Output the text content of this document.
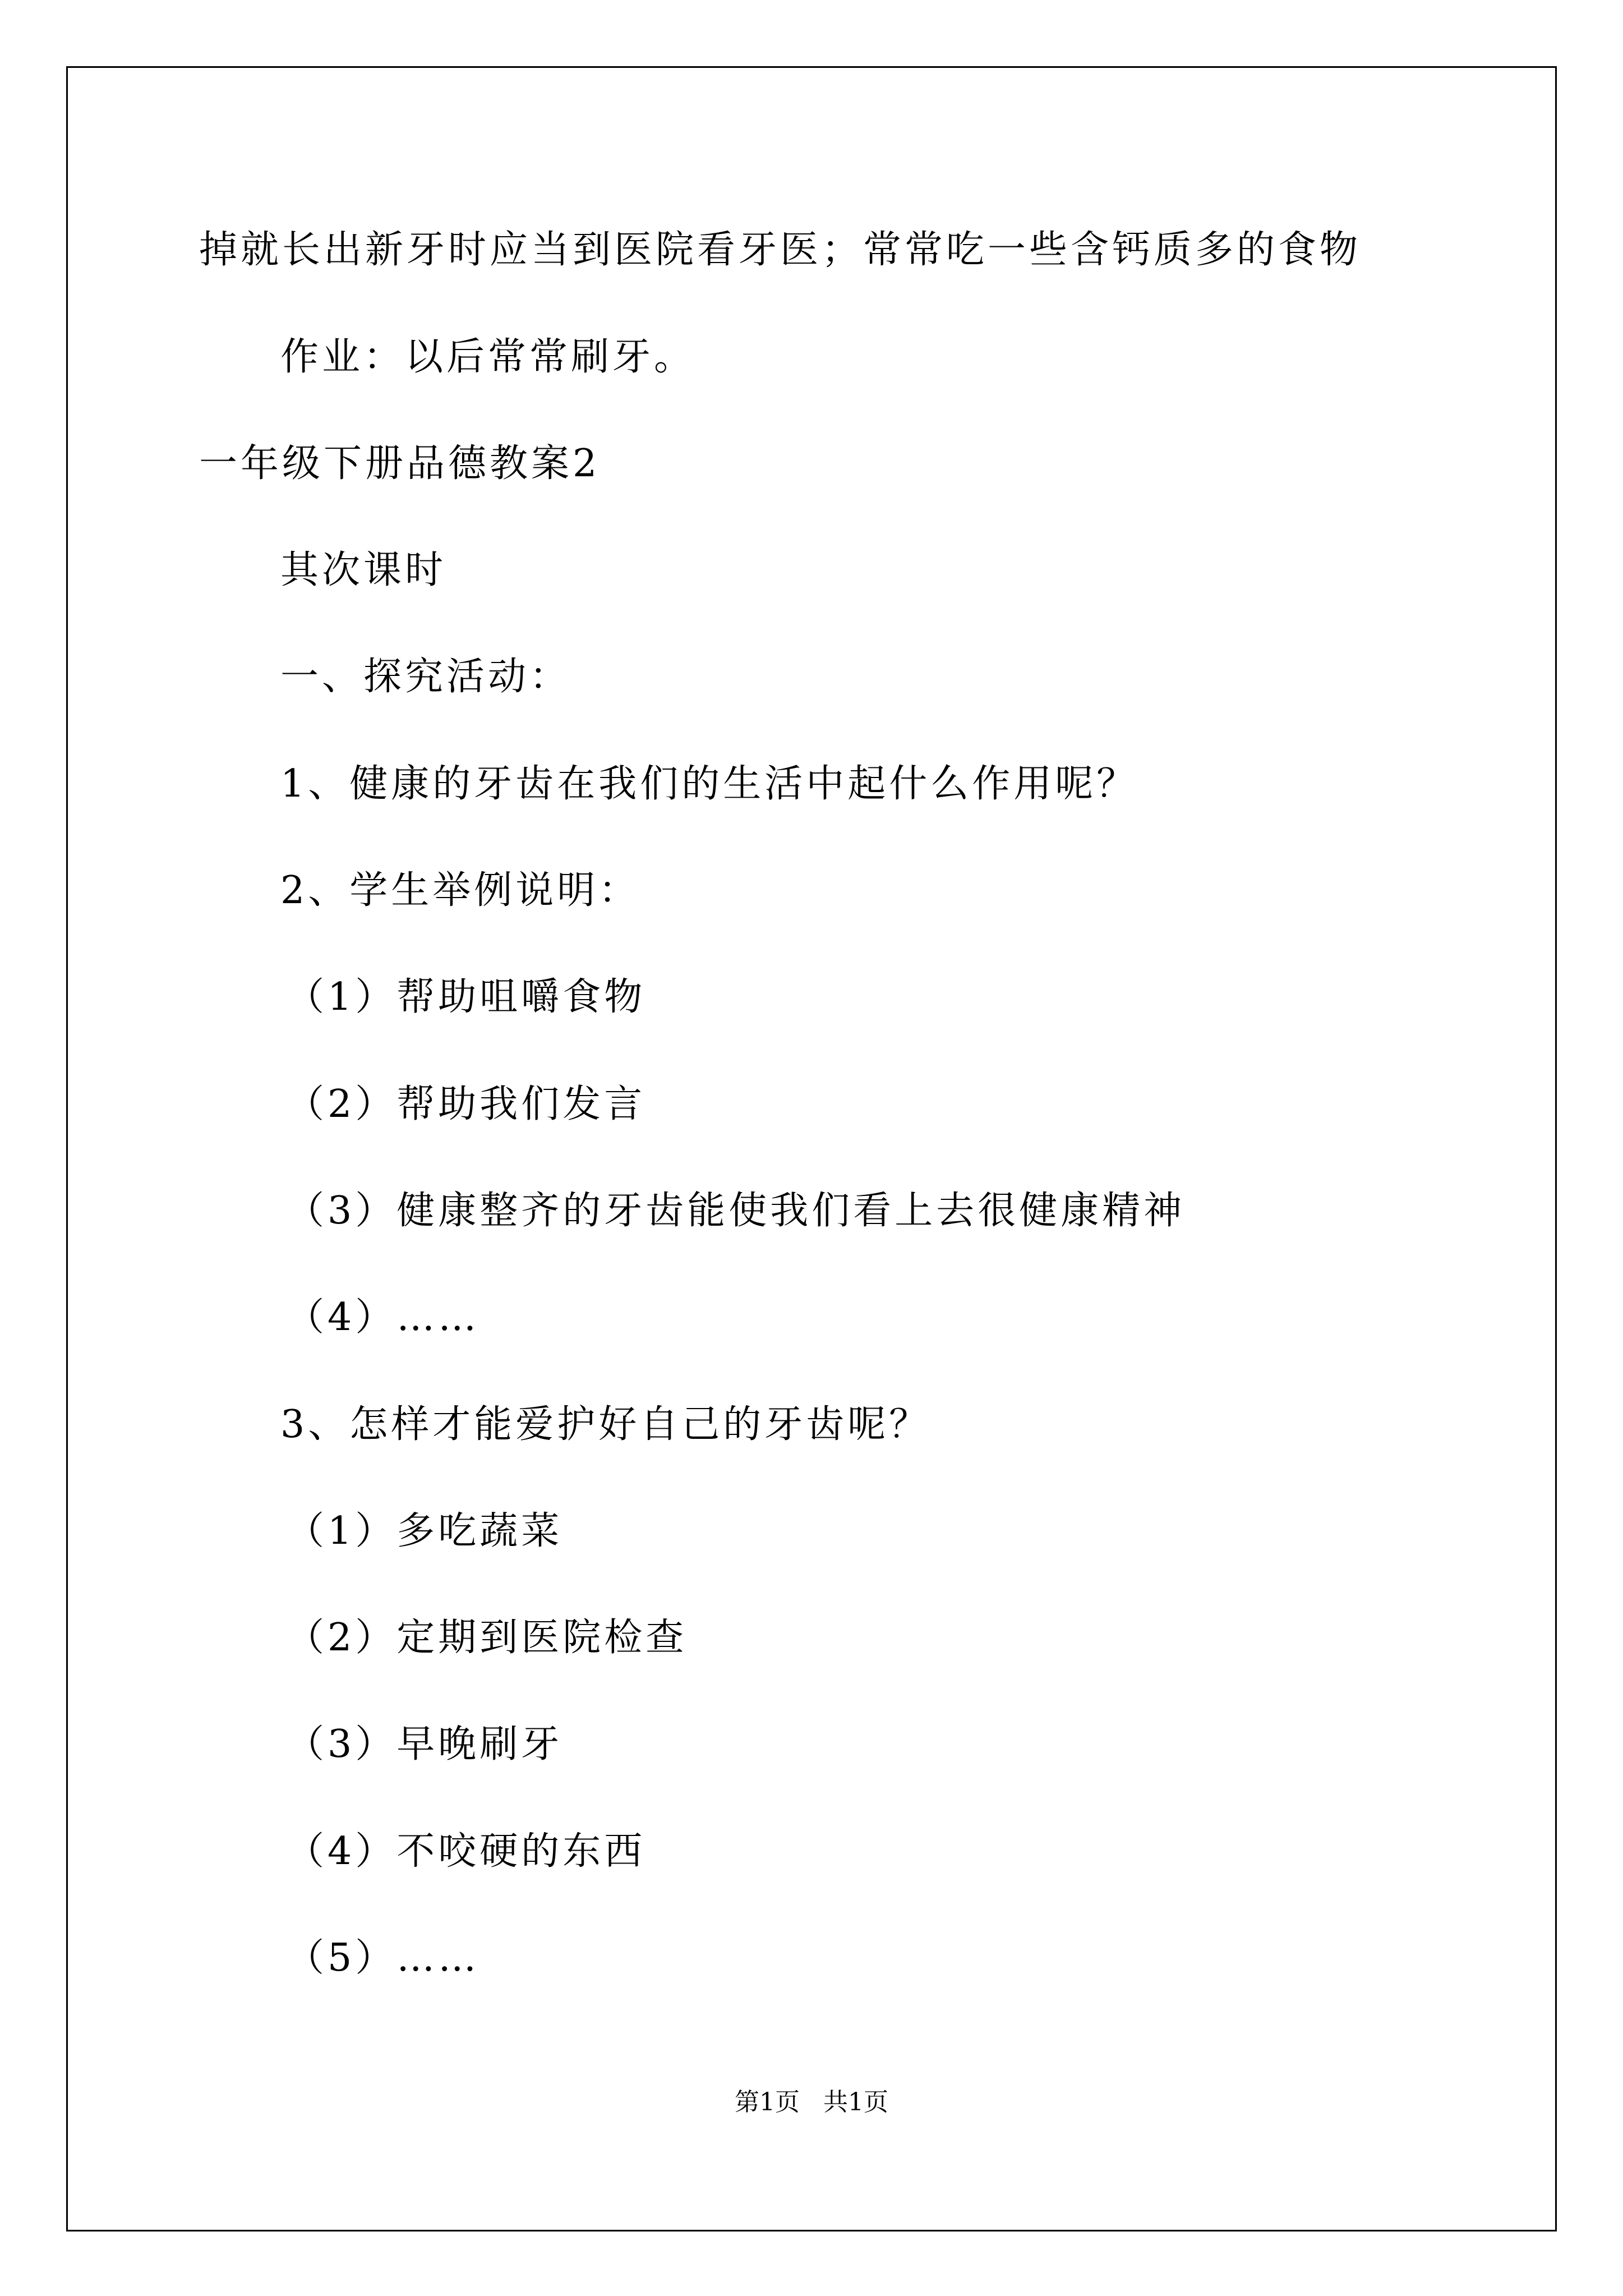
掉就长出新牙时应当到医院看牙医；常常吃一些含钙质多的食物
作业：以后常常刷牙。
一年级下册品德教案2
其次课时
一、探究活动：
1、健康的牙齿在我们的生活中起什么作用呢？
2、学生举例说明：
（1）帮助咀嚼食物
（2）帮助我们发言
（3）健康整齐的牙齿能使我们看上去很健康精神
（4）……
3、怎样才能爱护好自己的牙齿呢？
（1）多吃蔬菜
（2）定期到医院检查
（3）早晚刷牙
（4）不咬硬的东西
（5）……
第1页   共1页
